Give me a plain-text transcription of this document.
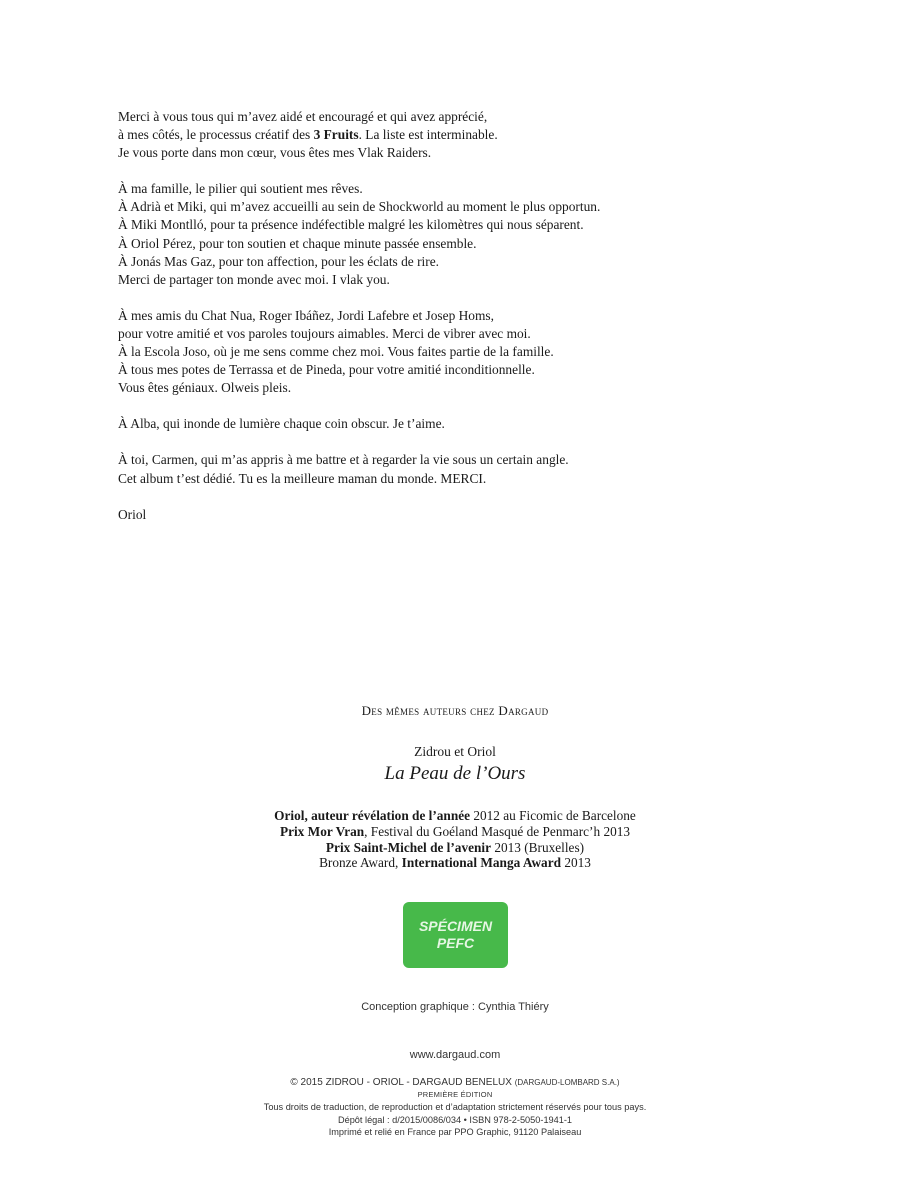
Merci à vous tous qui m’avez aidé et encouragé et qui avez apprécié,
à mes côtés, le processus créatif des 3 Fruits. La liste est interminable.
Je vous porte dans mon cœur, vous êtes mes Vlak Raiders.

À ma famille, le pilier qui soutient mes rêves.
À Adrià et Miki, qui m’avez accueilli au sein de Shockworld au moment le plus opportun.
À Miki Montlló, pour ta présence indéfectible malgré les kilomètres qui nous séparent.
À Oriol Pérez, pour ton soutien et chaque minute passée ensemble.
À Jonás Mas Gaz, pour ton affection, pour les éclats de rire.
Merci de partager ton monde avec moi. I vlak you.

À mes amis du Chat Nua, Roger Ibáñez, Jordi Lafebre et Josep Homs,
pour votre amitié et vos paroles toujours aimables. Merci de vibrer avec moi.
À la Escola Joso, où je me sens comme chez moi. Vous faites partie de la famille.
À tous mes potes de Terrassa et de Pineda, pour votre amitié inconditionnelle.
Vous êtes géniaux. Olweis pleis.

À Alba, qui inonde de lumière chaque coin obscur. Je t’aime.

À toi, Carmen, qui m’as appris à me battre et à regarder la vie sous un certain angle.
Cet album t’est dédié. Tu es la meilleure maman du monde. MERCI.

Oriol

Des mêmes auteurs chez Dargaud

Zidrou et Oriol

La Peau de l’Ours

Oriol, auteur révélation de l’année 2012 au Ficomic de Barcelone
Prix Mor Vran, Festival du Goéland Masqué de Penmarc’h 2013
Prix Saint-Michel de l’avenir 2013 (Bruxelles)
Bronze Award, International Manga Award 2013
SPÉCIMEN
PEFC
Conception graphique : Cynthia Thiéry
www.dargaud.com
© 2015 ZIDROU - ORIOL - DARGAUD BENELUX (DARGAUD-LOMBARD S.A.)
PREMIÈRE ÉDITION
Tous droits de traduction, de reproduction et d’adaptation strictement réservés pour tous pays.
Dépôt légal : d/2015/0086/034 • ISBN 978-2-5050-1941-1
Imprimé et relié en France par PPO Graphic, 91120 Palaiseau
